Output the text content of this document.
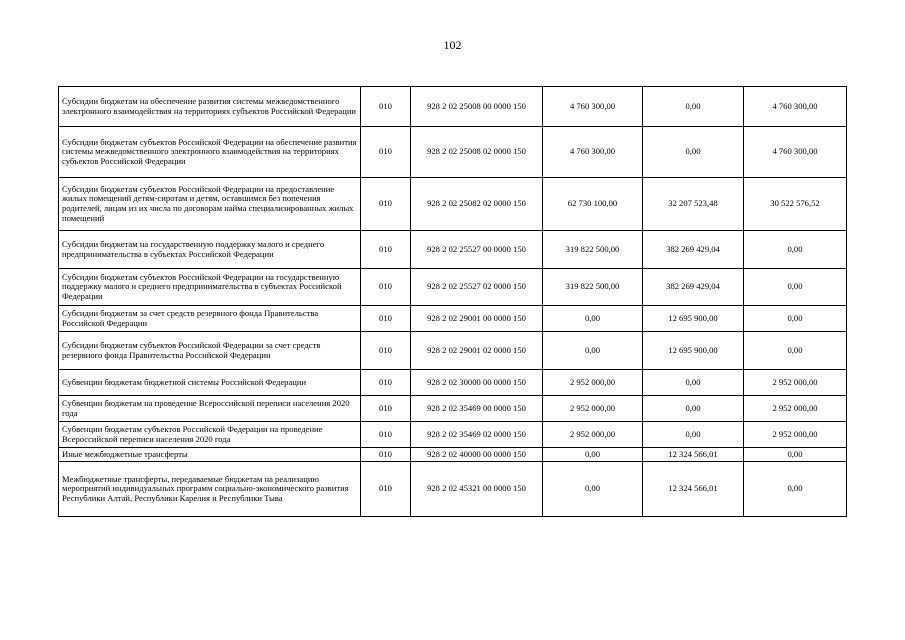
102
Субсидии бюджетам на обеспечение развития системы межведомственного электронного взаимодействия на территориях субъектов Российской Федерации	010	928 2 02 25008 00 0000 150	4 760 300,00	0,00	4 760 300,00
Субсидии бюджетам субъектов Российской Федерации на обеспечение развития системы межведомственного электронного взаимодействия на территориях субъектов Российской Федерации	010	928 2 02 25008 02 0000 150	4 760 300,00	0,00	4 760 300,00
Субсидии бюджетам субъектов Российской Федерации на предоставление жилых помещений детям-сиротам и детям, оставшимся без попечения родителей, лицам из их числа по договорам найма специализированных жилых помещений	010	928 2 02 25082 02 0000 150	62 730 100,00	32 207 523,48	30 522 576,52
Субсидии бюджетам на государственную поддержку малого и среднего предпринимательства в субъектах Российской Федерации	010	928 2 02 25527 00 0000 150	319 822 500,00	382 269 429,04	0,00
Субсидии бюджетам субъектов Российской Федерации на государственную поддержку малого и среднего предпринимательства в субъектах Российской Федерации	010	928 2 02 25527 02 0000 150	319 822 500,00	382 269 429,04	0,00
Субсидии бюджетам за счет средств резервного фонда Правительства Российской Федерации	010	928 2 02 29001 00 0000 150	0,00	12 695 900,00	0,00
Субсидии бюджетам субъектов Российской Федерации за счет средств резервного фонда Правительства Российской Федерации	010	928 2 02 29001 02 0000 150	0,00	12 695 900,00	0,00
Субвенции бюджетам бюджетной системы Российской Федерации	010	928 2 02 30000 00 0000 150	2 952 000,00	0,00	2 952 000,00
Субвенции бюджетам на проведение Всероссийской переписи населения 2020 года	010	928 2 02 35469 00 0000 150	2 952 000,00	0,00	2 952 000,00
Субвенции бюджетам субъектов Российской Федерации на проведение Всероссийской переписи населения 2020 года	010	928 2 02 35469 02 0000 150	2 952 000,00	0,00	2 952 000,00
Иные межбюджетные трансферты	010	928 2 02 40000 00 0000 150	0,00	12 324 566,01	0,00
Межбюджетные трансферты, передаваемые бюджетам на реализацию мероприятий индивидуальных программ социально-экономического развития Республики Алтай, Республики Карелия и Республики Тыва	010	928 2 02 45321 00 0000 150	0,00	12 324 566,01	0,00
